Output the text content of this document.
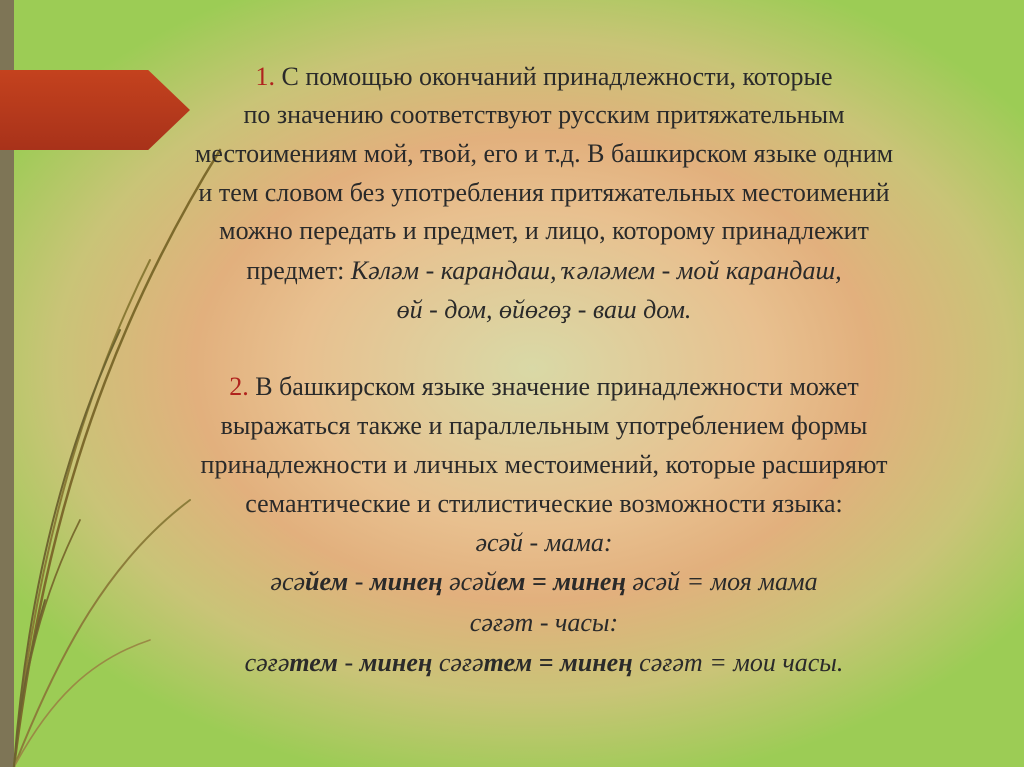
1. С помощью окончаний принадлежности, которые
по значению соответствуют русским притяжательным
местоимениям мой, твой, его и т.д. В башкирском языке одним
и тем словом без употребления притяжательных местоимений
можно передать и предмет, и лицо, которому принадлежит
предмет: Кәләм - карандаш, ҡәләмем - мой карандаш,
өй - дом, өйөгөҙ - ваш дом.
2. В башкирском языке значение принадлежности может
выражаться также и параллельным употреблением формы
принадлежности и личных местоимений, которые расширяют
семантические и стилистические возможности языка:
әсәй - мама:
әсәйем - минең әсәйем = минең әсәй = моя мама
сәғәт - часы:
сәғәтем - минең сәғәтем = минең сәғәт = мои часы.
